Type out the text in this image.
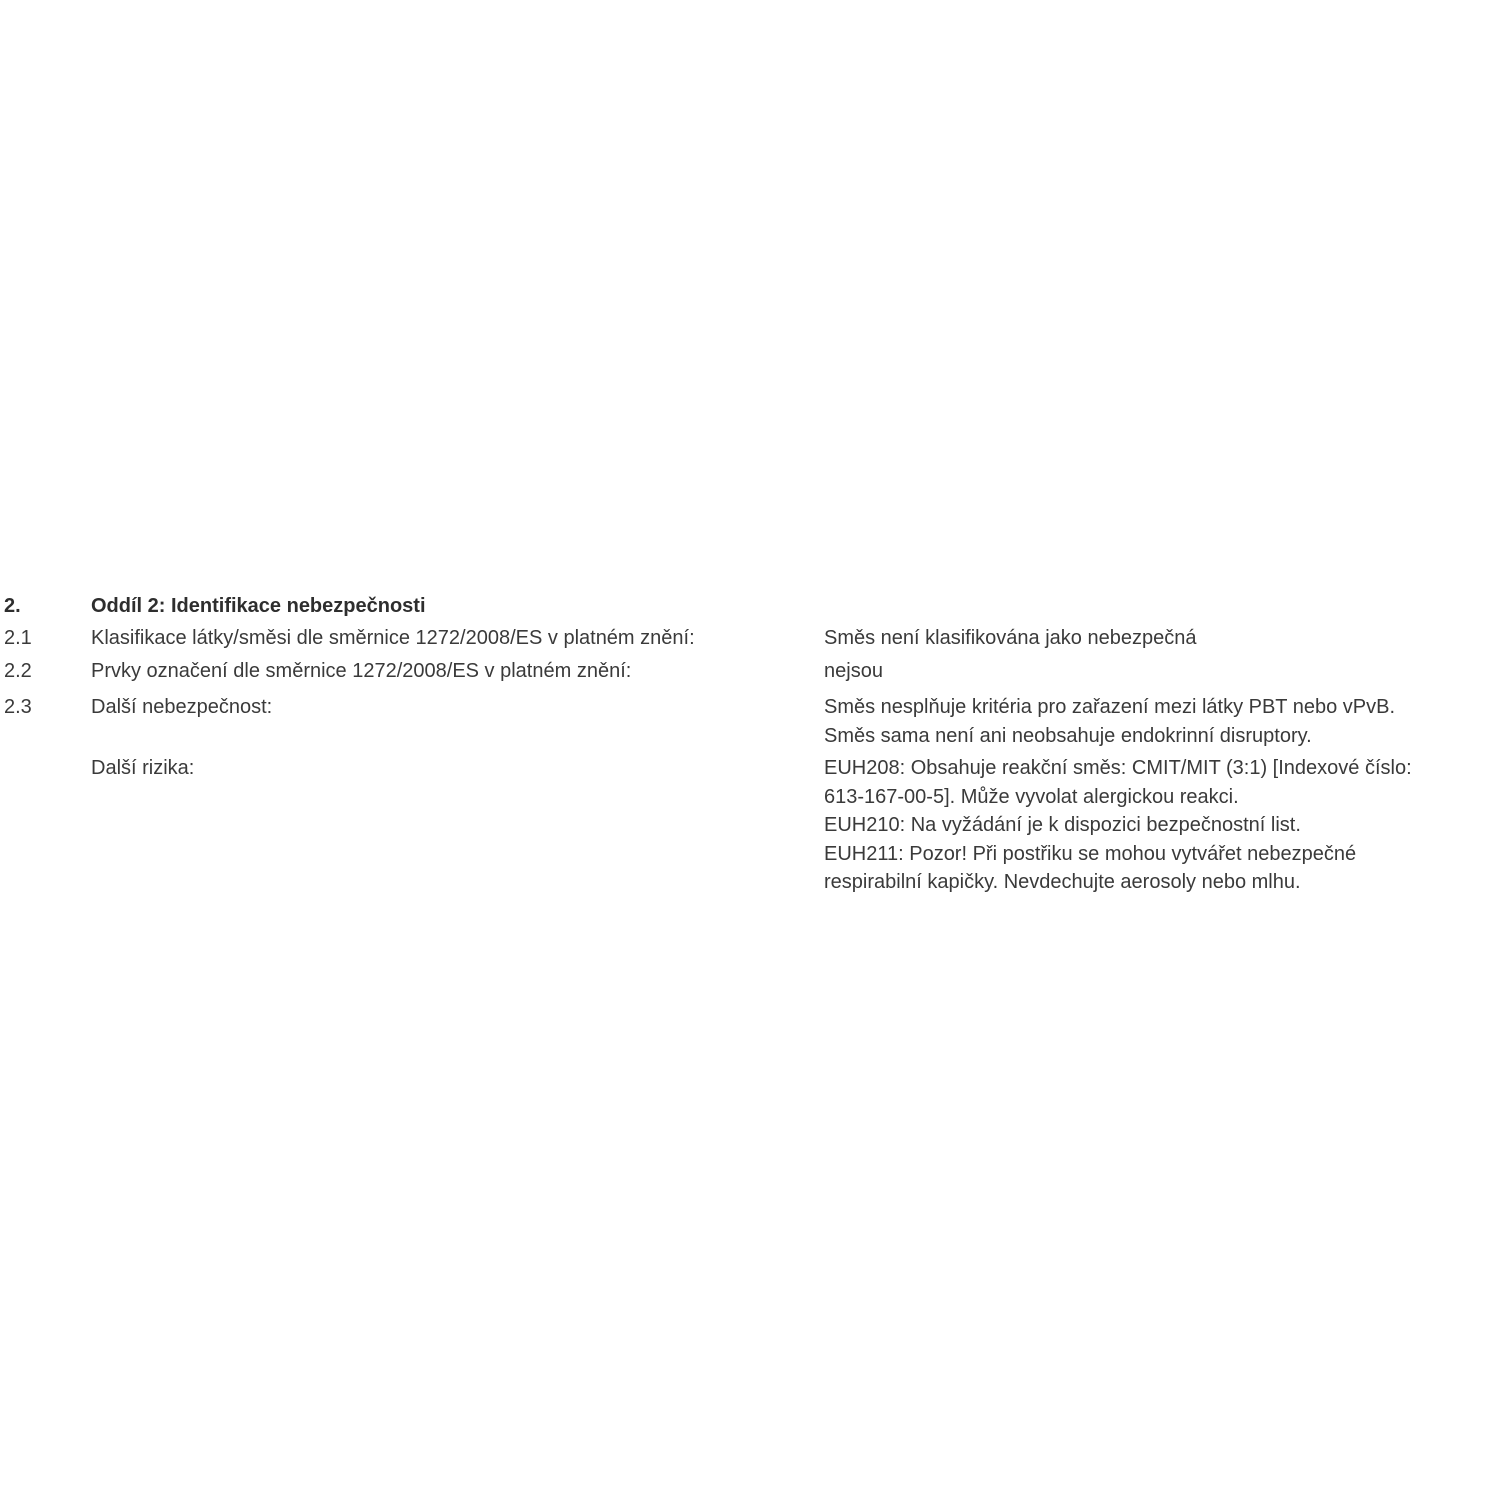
2.	Oddíl 2: Identifikace nebezpečnosti
2.1	Klasifikace látky/směsi dle směrnice 1272/2008/ES v platném znění:	Směs není klasifikována jako nebezpečná
2.2	Prvky označení dle směrnice 1272/2008/ES v platném znění:	nejsou
2.3	Další nebezpečnost:	Směs nesplňuje kritéria pro zařazení mezi látky PBT nebo vPvB.
Směs sama není ani neobsahuje endokrinní disruptory.
Další rizika:	EUH208: Obsahuje reakční směs: CMIT/MIT (3:1) [Indexové číslo:
613-167-00-5]. Může vyvolat alergickou reakci.
EUH210: Na vyžádání je k dispozici bezpečnostní list.
EUH211: Pozor! Při postřiku se mohou vytvářet nebezpečné
respirabilní kapičky. Nevdechujte aerosoly nebo mlhu.
